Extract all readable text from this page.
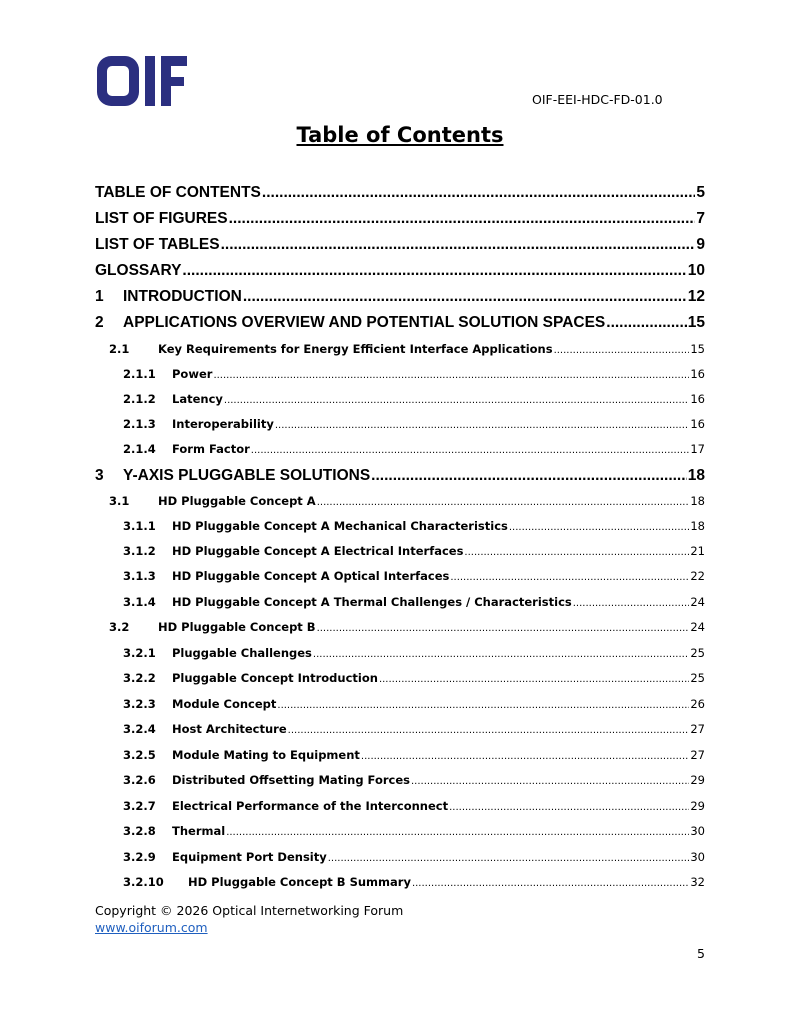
OIF-EEI-HDC-FD-01.0
Table of Contents
TABLE OF CONTENTS .....	5
LIST OF FIGURES .....	7
LIST OF TABLES .....	9
GLOSSARY .....	10
1	INTRODUCTION .....	12
2	APPLICATIONS OVERVIEW AND POTENTIAL SOLUTION SPACES .....	15
2.1	Key Requirements for Energy Efficient Interface Applications .....	15
2.1.1	Power .....	16
2.1.2	Latency .....	16
2.1.3	Interoperability .....	16
2.1.4	Form Factor .....	17
3	Y-AXIS PLUGGABLE SOLUTIONS .....	18
3.1	HD Pluggable Concept A .....	18
3.1.1	HD Pluggable Concept A Mechanical Characteristics .....	18
3.1.2	HD Pluggable Concept A Electrical Interfaces .....	21
3.1.3	HD Pluggable Concept A Optical Interfaces .....	22
3.1.4	HD Pluggable Concept A Thermal Challenges / Characteristics .....	24
3.2	HD Pluggable Concept B .....	24
3.2.1	Pluggable Challenges .....	25
3.2.2	Pluggable Concept Introduction .....	25
3.2.3	Module Concept .....	26
3.2.4	Host Architecture .....	27
3.2.5	Module Mating to Equipment .....	27
3.2.6	Distributed Offsetting Mating Forces .....	29
3.2.7	Electrical Performance of the Interconnect .....	29
3.2.8	Thermal .....	30
3.2.9	Equipment Port Density .....	30
3.2.10	HD Pluggable Concept B Summary .....	32
Copyright © 2026 Optical Internetworking Forum
www.oiforum.com
5
